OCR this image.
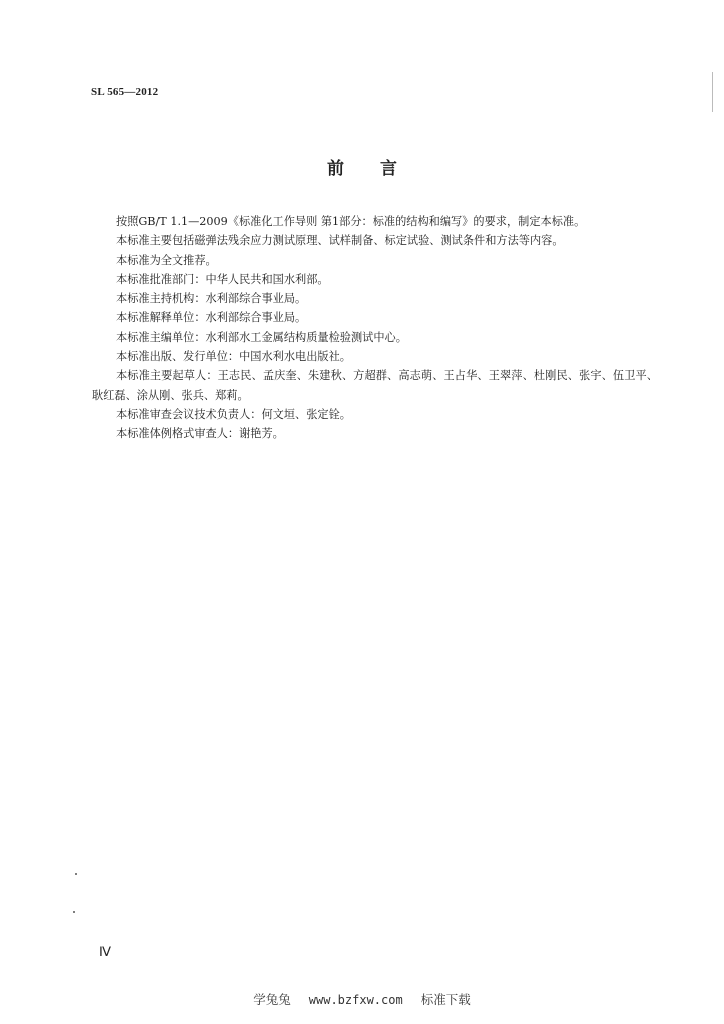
SL 565—2012
前 言

按照GB/T 1.1—2009《标准化工作导则 第1部分：标准的结构和编写》的要求，制定本标准。

本标准主要包括磁弹法残余应力测试原理、试样制备、标定试验、测试条件和方法等内容。

本标准为全文推荐。

本标准批准部门：中华人民共和国水利部。

本标准主持机构：水利部综合事业局。

本标准解释单位：水利部综合事业局。

本标准主编单位：水利部水工金属结构质量检验测试中心。

本标准出版、发行单位：中国水利水电出版社。

本标准主要起草人：王志民、孟庆奎、朱建秋、方超群、高志萌、王占华、王翠萍、杜刚民、张宇、伍卫平、耿红磊、涂从刚、张兵、郑莉。

本标准审查会议技术负责人：何文垣、张定铨。

本标准体例格式审查人：谢艳芳。

Ⅳ
学兔兔 www.bzfxw.com 标准下载
